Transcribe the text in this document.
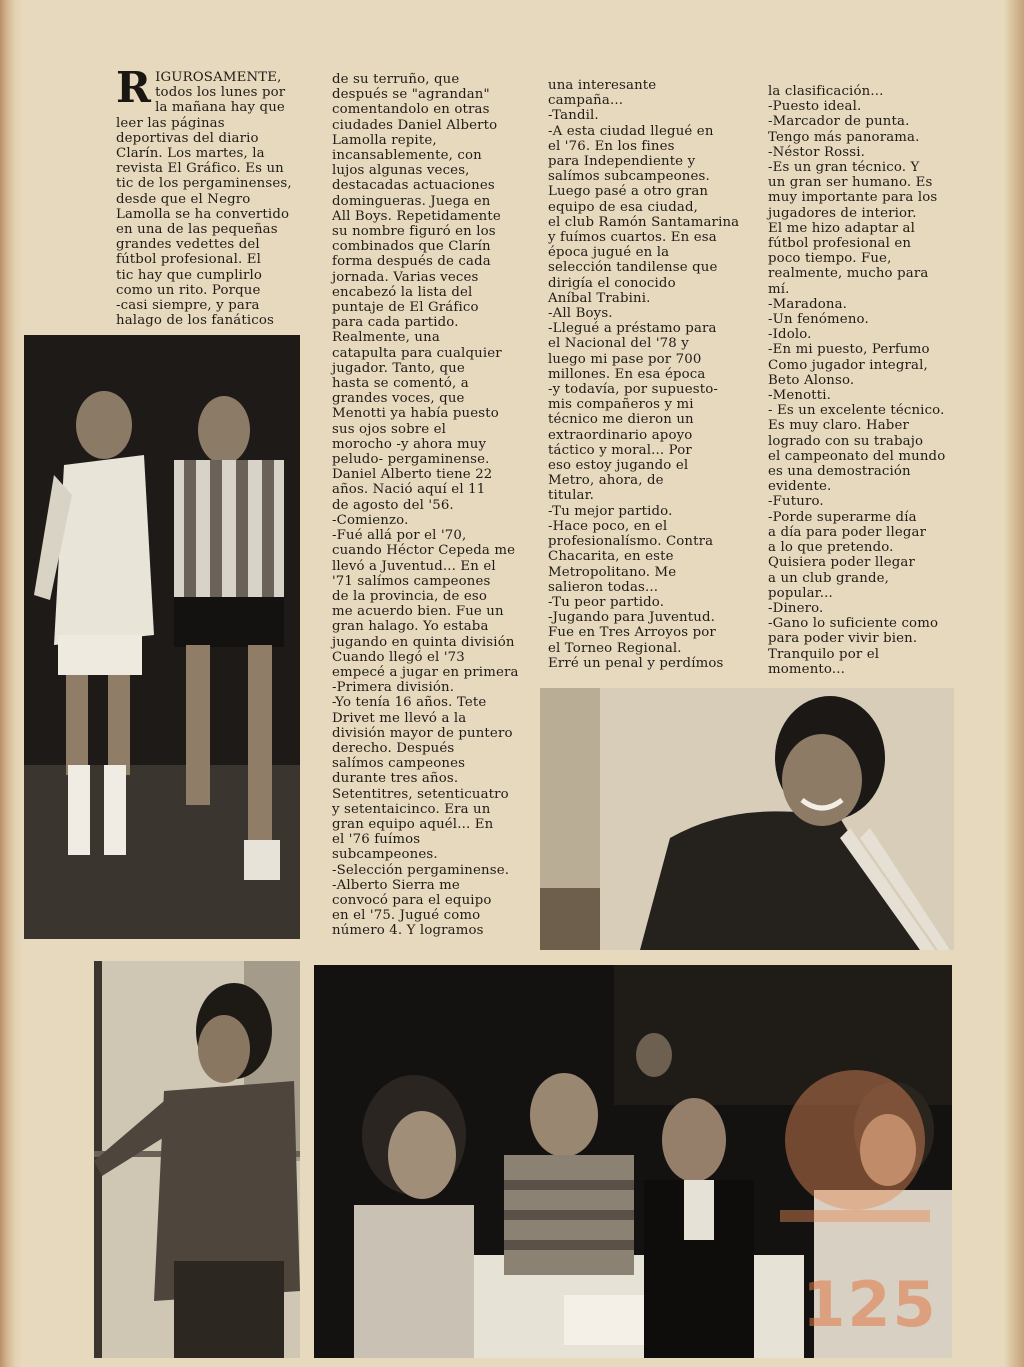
RIGUROSAMENTE,
todos los lunes por
la mañana hay que
leer las páginas
deportivas del diario
Clarín. Los martes, la
revista El Gráfico. Es un
tic de los pergaminenses,
desde que el Negro
Lamolla se ha convertido
en una de las pequeñas
grandes vedettes del
fútbol profesional. El
tic hay que cumplirlo
como un rito. Porque
-casi siempre, y para
halago de los fanáticos
de su terruño, que
después se "agrandan"
comentandolo en otras
ciudades Daniel Alberto
Lamolla repite,
incansablemente, con
lujos algunas veces,
destacadas actuaciones
domingueras. Juega en
All Boys. Repetidamente
su nombre figuró en los
combinados que Clarín
forma después de cada
jornada. Varias veces
encabezó la lista del
puntaje de El Gráfico
para cada partido.
Realmente, una
catapulta para cualquier
jugador. Tanto, que
hasta se comentó, a
grandes voces, que
Menotti ya había puesto
sus ojos sobre el
morocho -y ahora muy
peludo- pergaminense.
Daniel Alberto tiene 22
años. Nació aquí el 11
de agosto del '56.
-Comienzo.
-Fué allá por el '70,
cuando Héctor Cepeda me
llevó a Juventud... En el
'71 salímos campeones
de la provincia, de eso
me acuerdo bien. Fue un
gran halago. Yo estaba
jugando en quinta división
Cuando llegó el '73
empecé a jugar en primera
-Primera división.
-Yo tenía 16 años. Tete
Drivet me llevó a la
división mayor de puntero
derecho. Después
salímos campeones
durante tres años.
Setentitres, setenticuatro
y setentaicinco. Era un
gran equipo aquél... En
el '76 fuímos
subcampeones.
-Selección pergaminense.
-Alberto Sierra me
convocó para el equipo
en el '75. Jugué como
número 4. Y logramos
una interesante
campaña...
-Tandil.
-A esta ciudad llegué en
el '76. En los fines
para Independiente y
salímos subcampeones.
Luego pasé a otro gran
equipo de esa ciudad,
el club Ramón Santamarina
y fuímos cuartos. En esa
época jugué en la
selección tandilense que
dirigía el conocido
Aníbal Trabini.
-All Boys.
-Llegué a préstamo para
el Nacional del '78 y
luego mi pase por 700
millones. En esa época
-y todavía, por supuesto-
mis compañeros y mi
técnico me dieron un
extraordinario apoyo
táctico y moral... Por
eso estoy jugando el
Metro, ahora, de
titular.
-Tu mejor partido.
-Hace poco, en el
profesionalísmo. Contra
Chacarita, en este
Metropolitano. Me
salieron todas...
-Tu peor partido.
-Jugando para Juventud.
Fue en Tres Arroyos por
el Torneo Regional.
Erré un penal y perdímos
la clasificación...
-Puesto ideal.
-Marcador de punta.
Tengo más panorama.
-Néstor Rossi.
-Es un gran técnico. Y
un gran ser humano. Es
muy importante para los
jugadores de interior.
El me hizo adaptar al
fútbol profesional en
poco tiempo. Fue,
realmente, mucho para
mí.
-Maradona.
-Un fenómeno.
-Idolo.
-En mi puesto, Perfumo
Como jugador integral,
Beto Alonso.
-Menotti.
- Es un excelente técnico.
Es muy claro. Haber
logrado con su trabajo
el campeonato del mundo
es una demostración
evidente.
-Futuro.
-Porde superarme día
a día para poder llegar
a lo que pretendo.
Quisiera poder llegar
a un club grande,
popular...
-Dinero.
-Gano lo suficiente como
para poder vivir bien.
Tranquilo por el
momento...
125
